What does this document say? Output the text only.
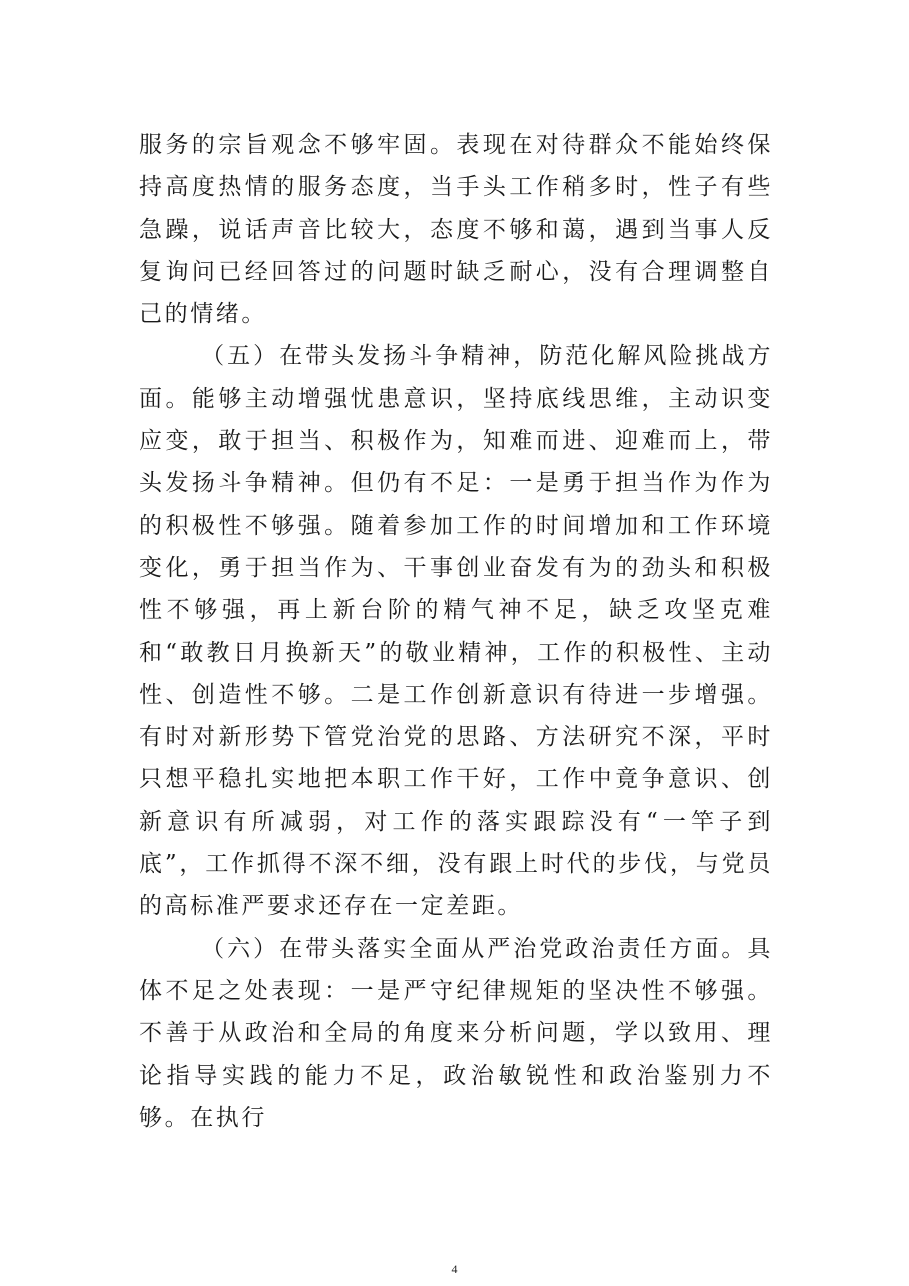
服务的宗旨观念不够牢固。表现在对待群众不能始终保持高度热情的服务态度，当手头工作稍多时，性子有些急躁，说话声音比较大，态度不够和蔼，遇到当事人反复询问已经回答过的问题时缺乏耐心，没有合理调整自己的情绪。

（五）在带头发扬斗争精神，防范化解风险挑战方面。能够主动增强忧患意识，坚持底线思维，主动识变应变，敢于担当、积极作为，知难而进、迎难而上，带头发扬斗争精神。但仍有不足：一是勇于担当作为作为的积极性不够强。随着参加工作的时间增加和工作环境变化，勇于担当作为、干事创业奋发有为的劲头和积极性不够强，再上新台阶的精气神不足，缺乏攻坚克难和“敢教日月换新天”的敬业精神，工作的积极性、主动性、创造性不够。二是工作创新意识有待进一步增强。有时对新形势下管党治党的思路、方法研究不深，平时只想平稳扎实地把本职工作干好，工作中竟争意识、创新意识有所减弱，对工作的落实跟踪没有“一竿子到底”，工作抓得不深不细，没有跟上时代的步伐，与党员的高标准严要求还存在一定差距。

（六）在带头落实全面从严治党政治责任方面。具体不足之处表现：一是严守纪律规矩的坚决性不够强。不善于从政治和全局的角度来分析问题，学以致用、理论指导实践的能力不足，政治敏锐性和政治鉴别力不够。在执行

4
